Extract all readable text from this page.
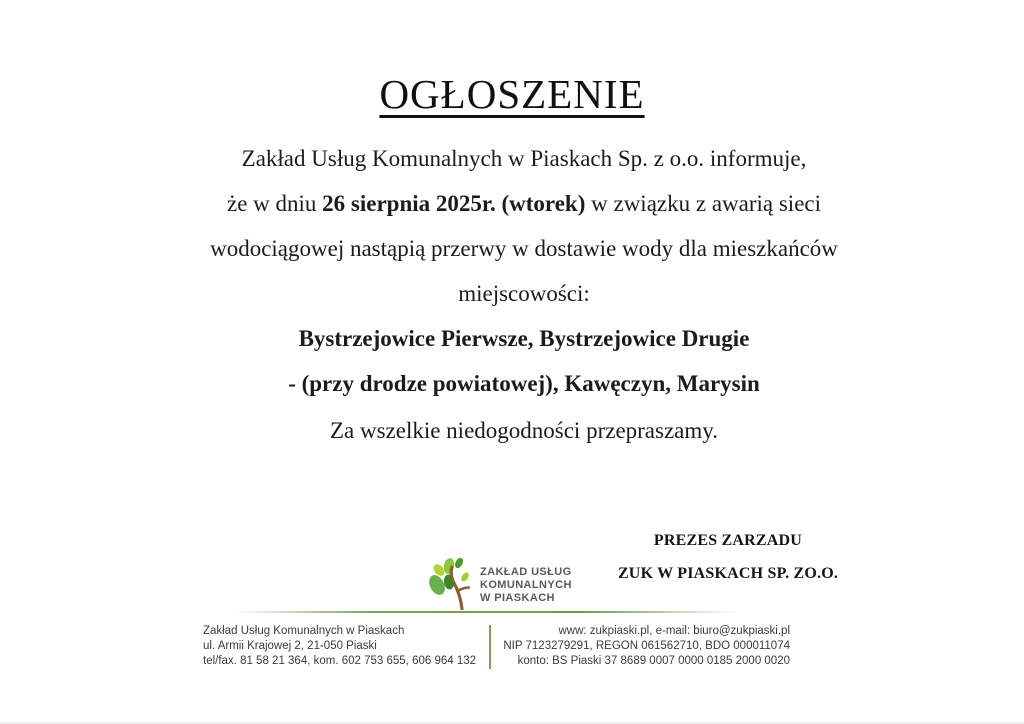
OGŁOSZENIE

Zakład Usług Komunalnych w Piaskach Sp. z o.o. informuje,

że w dniu 26 sierpnia 2025r. (wtorek) w związku z awarią sieci

wodociągowej nastąpią przerwy w dostawie wody dla mieszkańców

miejscowości:

Bystrzejowice Pierwsze, Bystrzejowice Drugie

- (przy drodze powiatowej), Kawęczyn, Marysin

Za wszelkie niedogodności przepraszamy.

PREZES ZARZADU
ZUK W PIASKACH SP. ZO.O.
ZAKŁAD USŁUG
KOMUNALNYCH
W PIASKACH
Zakład Usług Komunalnych w Piaskach
ul. Armii Krajowej 2, 21-050 Piaski
tel/fax. 81 58 21 364, kom. 602 753 655, 606 964 132
www: zukpiaski.pl, e-mail: biuro@zukpiaski.pl
NIP 7123279291, REGON 061562710, BDO 000011074
konto: BS Piaski 37 8689 0007 0000 0185 2000 0020
